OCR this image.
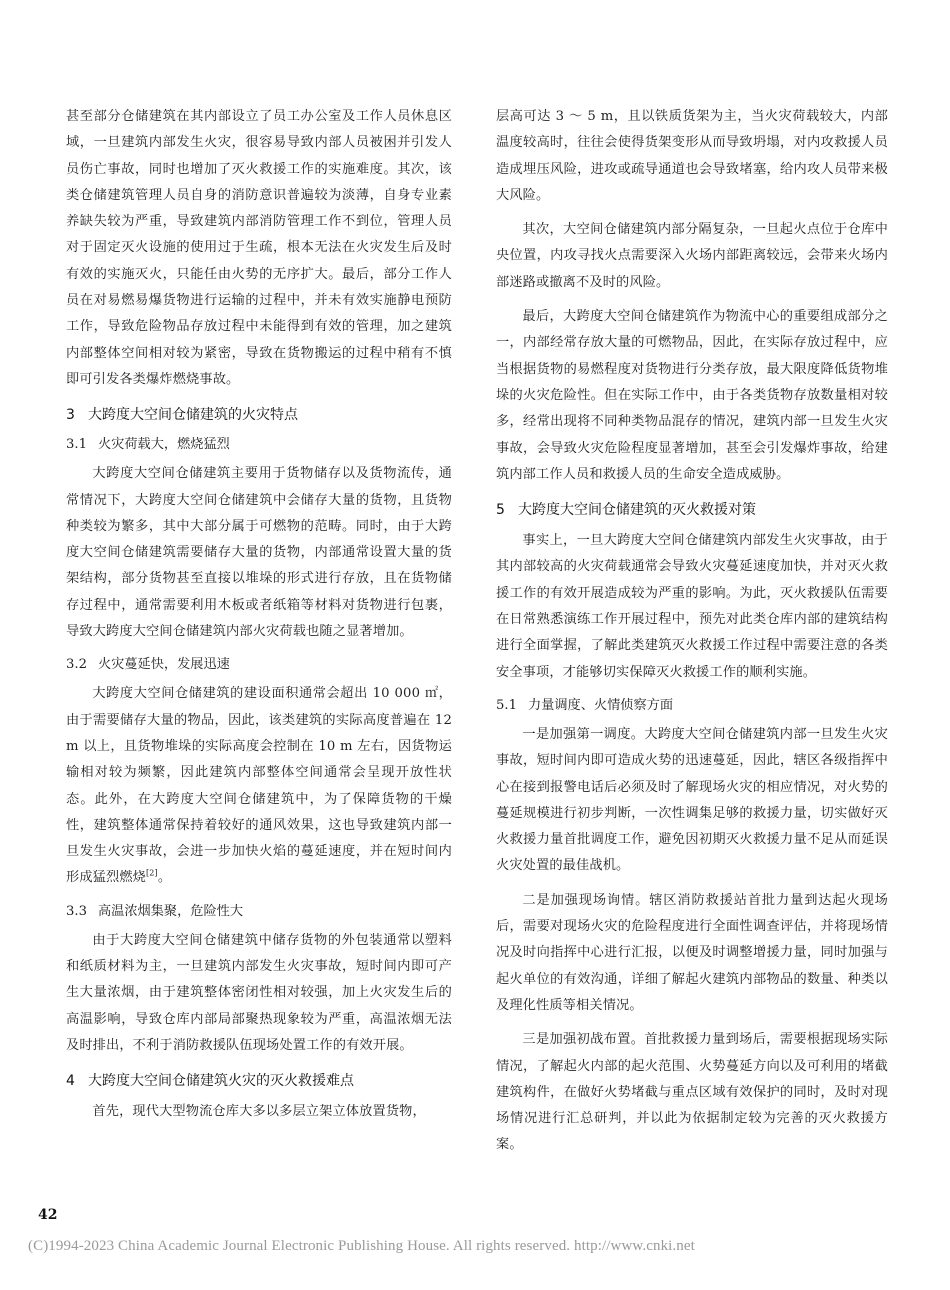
甚至部分仓储建筑在其内部设立了员工办公室及工作人员休息区域，一旦建筑内部发生火灾，很容易导致内部人员被困并引发人员伤亡事故，同时也增加了灭火救援工作的实施难度。其次，该类仓储建筑管理人员自身的消防意识普遍较为淡薄，自身专业素养缺失较为严重，导致建筑内部消防管理工作不到位，管理人员对于固定灭火设施的使用过于生疏，根本无法在火灾发生后及时有效的实施灭火，只能任由火势的无序扩大。最后，部分工作人员在对易燃易爆货物进行运输的过程中，并未有效实施静电预防工作，导致危险物品存放过程中未能得到有效的管理，加之建筑内部整体空间相对较为紧密，导致在货物搬运的过程中稍有不慎即可引发各类爆炸燃烧事故。

3 大跨度大空间仓储建筑的火灾特点
3.1 火灾荷载大，燃烧猛烈

大跨度大空间仓储建筑主要用于货物储存以及货物流传，通常情况下，大跨度大空间仓储建筑中会储存大量的货物，且货物种类较为繁多，其中大部分属于可燃物的范畴。同时，由于大跨度大空间仓储建筑需要储存大量的货物，内部通常设置大量的货架结构，部分货物甚至直接以堆垛的形式进行存放，且在货物储存过程中，通常需要利用木板或者纸箱等材料对货物进行包裹，导致大跨度大空间仓储建筑内部火灾荷载也随之显著增加。

3.2 火灾蔓延快，发展迅速

大跨度大空间仓储建筑的建设面积通常会超出 10 000 ㎡，由于需要储存大量的物品，因此，该类建筑的实际高度普遍在 12 m 以上，且货物堆垛的实际高度会控制在 10 m 左右，因货物运输相对较为频繁，因此建筑内部整体空间通常会呈现开放性状态。此外，在大跨度大空间仓储建筑中，为了保障货物的干燥性，建筑整体通常保持着较好的通风效果，这也导致建筑内部一旦发生火灾事故，会进一步加快火焰的蔓延速度，并在短时间内形成猛烈燃烧[2]。

3.3 高温浓烟集聚，危险性大

由于大跨度大空间仓储建筑中储存货物的外包装通常以塑料和纸质材料为主，一旦建筑内部发生火灾事故，短时间内即可产生大量浓烟，由于建筑整体密闭性相对较强，加上火灾发生后的高温影响，导致仓库内部局部聚热现象较为严重，高温浓烟无法及时排出，不利于消防救援队伍现场处置工作的有效开展。

4 大跨度大空间仓储建筑火灾的灭火救援难点

首先，现代大型物流仓库大多以多层立架立体放置货物，

层高可达 3 ～ 5 m，且以铁质货架为主，当火灾荷载较大，内部温度较高时，往往会使得货架变形从而导致坍塌，对内攻救援人员造成埋压风险，进攻或疏导通道也会导致堵塞，给内攻人员带来极大风险。

其次，大空间仓储建筑内部分隔复杂，一旦起火点位于仓库中央位置，内攻寻找火点需要深入火场内部距离较远，会带来火场内部迷路或撤离不及时的风险。

最后，大跨度大空间仓储建筑作为物流中心的重要组成部分之一，内部经常存放大量的可燃物品，因此，在实际存放过程中，应当根据货物的易燃程度对货物进行分类存放，最大限度降低货物堆垛的火灾危险性。但在实际工作中，由于各类货物存放数量相对较多，经常出现将不同种类物品混存的情况，建筑内部一旦发生火灾事故，会导致火灾危险程度显著增加，甚至会引发爆炸事故，给建筑内部工作人员和救援人员的生命安全造成威胁。

5 大跨度大空间仓储建筑的灭火救援对策

事实上，一旦大跨度大空间仓储建筑内部发生火灾事故，由于其内部较高的火灾荷载通常会导致火灾蔓延速度加快，并对灭火救援工作的有效开展造成较为严重的影响。为此，灭火救援队伍需要在日常熟悉演练工作开展过程中，预先对此类仓库内部的建筑结构进行全面掌握，了解此类建筑灭火救援工作过程中需要注意的各类安全事项，才能够切实保障灭火救援工作的顺利实施。

5.1 力量调度、火情侦察方面

一是加强第一调度。大跨度大空间仓储建筑内部一旦发生火灾事故，短时间内即可造成火势的迅速蔓延，因此，辖区各级指挥中心在接到报警电话后必须及时了解现场火灾的相应情况，对火势的蔓延规模进行初步判断，一次性调集足够的救援力量，切实做好灭火救援力量首批调度工作，避免因初期灭火救援力量不足从而延误火灾处置的最佳战机。

二是加强现场询情。辖区消防救援站首批力量到达起火现场后，需要对现场火灾的危险程度进行全面性调查评估，并将现场情况及时向指挥中心进行汇报，以便及时调整增援力量，同时加强与起火单位的有效沟通，详细了解起火建筑内部物品的数量、种类以及理化性质等相关情况。

三是加强初战布置。首批救援力量到场后，需要根据现场实际情况，了解起火内部的起火范围、火势蔓延方向以及可利用的堵截建筑构件，在做好火势堵截与重点区域有效保护的同时，及时对现场情况进行汇总研判，并以此为依据制定较为完善的灭火救援方案。

42
(C)1994-2023 China Academic Journal Electronic Publishing House. All rights reserved. http://www.cnki.net
